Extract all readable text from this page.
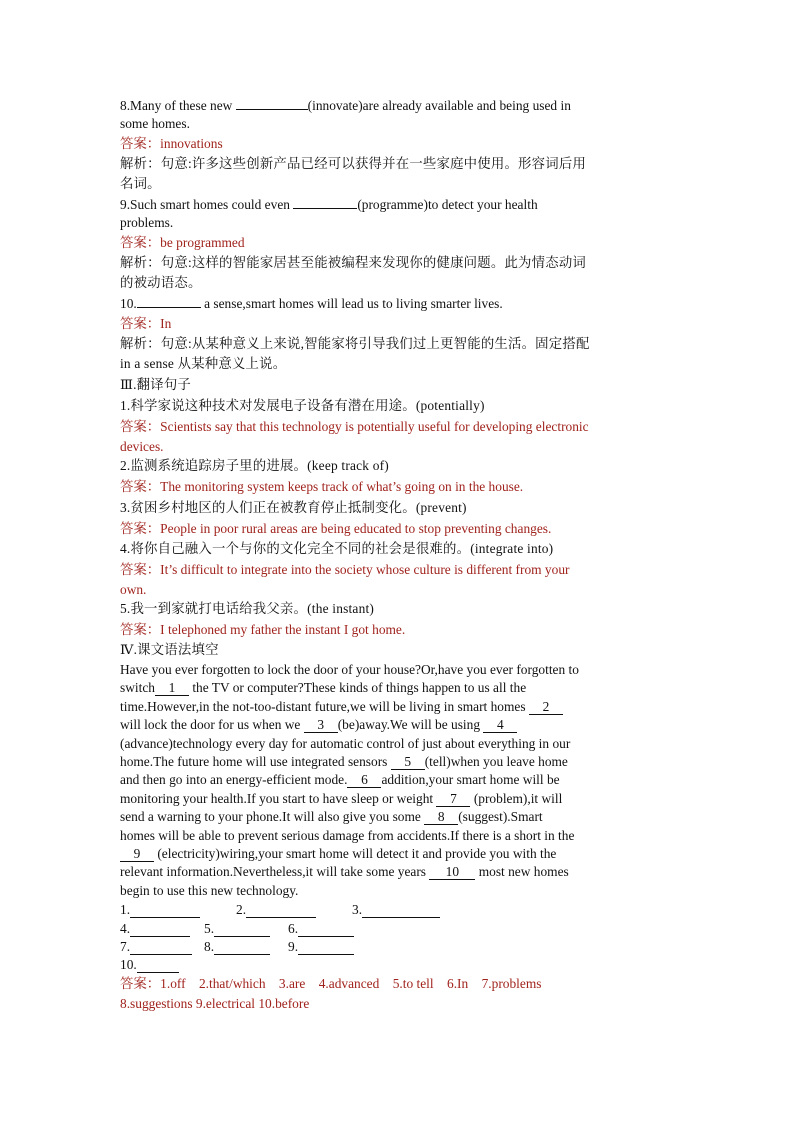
8.Many of these new	(innovate)are already available and being used in
some homes.
答案：innovations
解析：句意:许多这些创新产品已经可以获得并在一些家庭中使用。形容词后用
名词。
9.Such smart homes could even	(programme)to detect your health
problems.
答案：be programmed
解析：句意:这样的智能家居甚至能被编程来发现你的健康问题。此为情态动词
的被动语态。
10.	a sense,smart homes will lead us to living smarter lives.
答案：In
解析：句意:从某种意义上来说,智能家将引导我们过上更智能的生活。固定搭配
in a sense 从某种意义上说。
Ⅲ.翻译句子
1.科学家说这种技术对发展电子设备有潜在用途。(potentially)
答案：Scientists say that this technology is potentially useful for developing electronic
devices.
2.监测系统追踪房子里的进展。(keep track of)
答案：The monitoring system keeps track of what’s going on in the house.
3.贫困乡村地区的人们正在被教育停止抵制变化。(prevent)
答案：People in poor rural areas are being educated to stop preventing changes.
4.将你自己融入一个与你的文化完全不同的社会是很难的。(integrate into)
答案：It’s difficult to integrate into the society whose culture is different from your
own.
5.我一到家就打电话给我父亲。(the instant)
答案：I telephoned my father the instant I got home.
Ⅳ.课文语法填空
Have you ever forgotten to lock the door of your house?Or,have you ever forgotten to
switch 1 the TV or computer?These kinds of things happen to us all the
time.However,in the not-too-distant future,we will be living in smart homes 2
will lock the door for us when we 3 (be)away.We will be using 4
(advance)technology every day for automatic control of just about everything in our
home.The future home will use integrated sensors 5 (tell)when you leave home
and then go into an energy-efficient mode. 6 addition,your smart home will be
monitoring your health.If you start to have sleep or weight 7 (problem),it will
send a warning to your phone.It will also give you some 8 (suggest).Smart
homes will be able to prevent serious damage from accidents.If there is a short in the
9 (electricity)wiring,your smart home will detect it and provide you with the
relevant information.Nevertheless,it will take some years 10 most new homes
begin to use this new technology.
1.	2.	3.
4.	5.	6.
7.	8.	9.
10.
答案：1.off    2.that/which    3.are    4.advanced    5.to tell    6.In    7.problems
8.suggestions 9.electrical 10.before
